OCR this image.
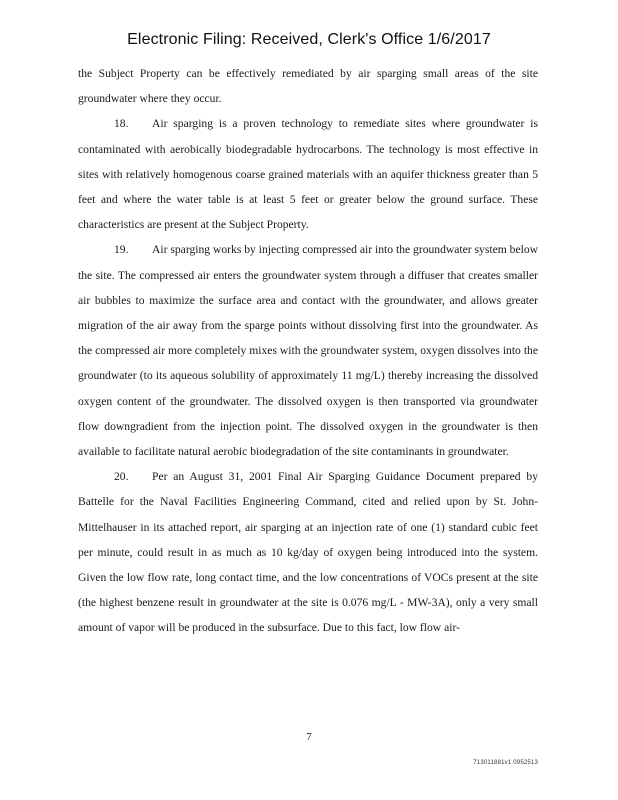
Electronic Filing: Received, Clerk's Office 1/6/2017

the Subject Property can be effectively remediated by air sparging small areas of the site groundwater where they occur.

18. Air sparging is a proven technology to remediate sites where groundwater is contaminated with aerobically biodegradable hydrocarbons. The technology is most effective in sites with relatively homogenous coarse grained materials with an aquifer thickness greater than 5 feet and where the water table is at least 5 feet or greater below the ground surface. These characteristics are present at the Subject Property.

19. Air sparging works by injecting compressed air into the groundwater system below the site. The compressed air enters the groundwater system through a diffuser that creates smaller air bubbles to maximize the surface area and contact with the groundwater, and allows greater migration of the air away from the sparge points without dissolving first into the groundwater. As the compressed air more completely mixes with the groundwater system, oxygen dissolves into the groundwater (to its aqueous solubility of approximately 11 mg/L) thereby increasing the dissolved oxygen content of the groundwater. The dissolved oxygen is then transported via groundwater flow downgradient from the injection point. The dissolved oxygen in the groundwater is then available to facilitate natural aerobic biodegradation of the site contaminants in groundwater.

20. Per an August 31, 2001 Final Air Sparging Guidance Document prepared by Battelle for the Naval Facilities Engineering Command, cited and relied upon by St. John-Mittelhauser in its attached report, air sparging at an injection rate of one (1) standard cubic feet per minute, could result in as much as 10 kg/day of oxygen being introduced into the system. Given the low flow rate, long contact time, and the low concentrations of VOCs present at the site (the highest benzene result in groundwater at the site is 0.076 mg/L - MW-3A), only a very small amount of vapor will be produced in the subsurface. Due to this fact, low flow air-

7
713011881v1 0952513
